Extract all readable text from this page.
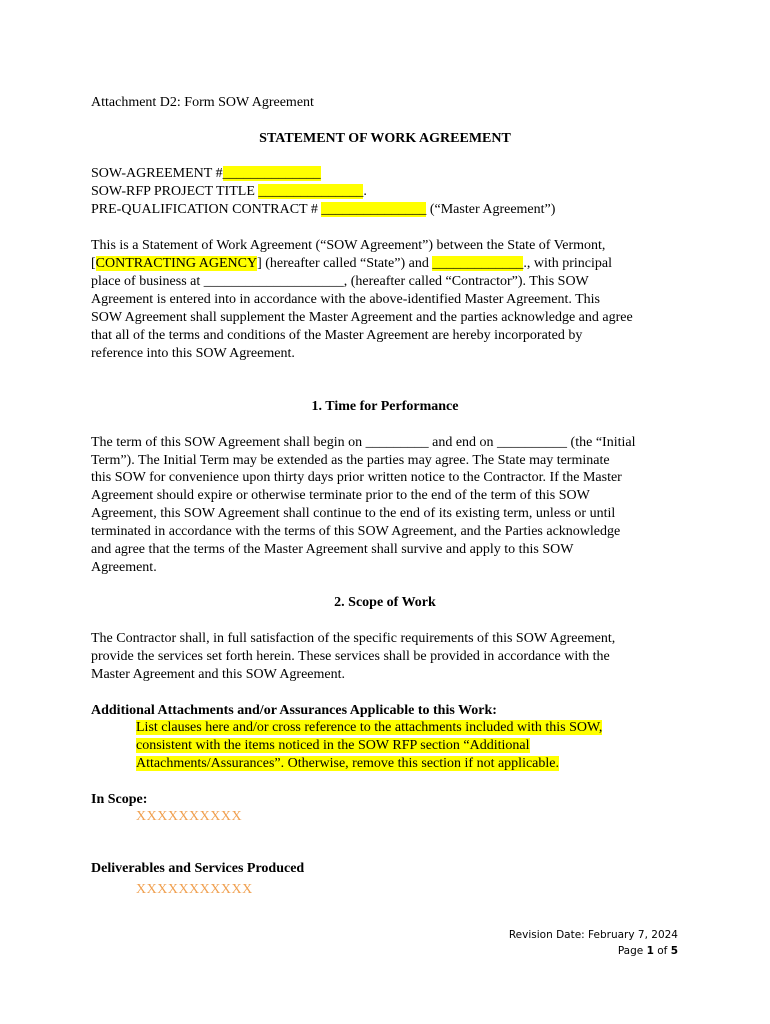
Attachment D2: Form SOW Agreement
STATEMENT OF WORK AGREEMENT
SOW-AGREEMENT #______________
SOW-RFP PROJECT TITLE _______________.
PRE-QUALIFICATION CONTRACT # _______________ (“Master Agreement”)
This is a Statement of Work Agreement (“SOW Agreement”) between the State of Vermont,
[CONTRACTING AGENCY] (hereafter called “State”) and _____________., with principal
place of business at ____________________, (hereafter called “Contractor”). This SOW
Agreement is entered into in accordance with the above-identified Master Agreement. This
SOW Agreement shall supplement the Master Agreement and the parties acknowledge and agree
that all of the terms and conditions of the Master Agreement are hereby incorporated by
reference into this SOW Agreement.
1. Time for Performance
The term of this SOW Agreement shall begin on _________ and end on __________ (the “Initial
Term”). The Initial Term may be extended as the parties may agree. The State may terminate
this SOW for convenience upon thirty days prior written notice to the Contractor. If the Master
Agreement should expire or otherwise terminate prior to the end of the term of this SOW
Agreement, this SOW Agreement shall continue to the end of its existing term, unless or until
terminated in accordance with the terms of this SOW Agreement, and the Parties acknowledge
and agree that the terms of the Master Agreement shall survive and apply to this SOW
Agreement.
2. Scope of Work
The Contractor shall, in full satisfaction of the specific requirements of this SOW Agreement,
provide the services set forth herein. These services shall be provided in accordance with the
Master Agreement and this SOW Agreement.
Additional Attachments and/or Assurances Applicable to this Work:
List clauses here and/or cross reference to the attachments included with this SOW,
consistent with the items noticed in the SOW RFP section “Additional
Attachments/Assurances”. Otherwise, remove this section if not applicable.
In Scope:
XXXXXXXXXX
Deliverables and Services Produced
XXXXXXXXXXX
Revision Date: February 7, 2024
Page 1 of 5
